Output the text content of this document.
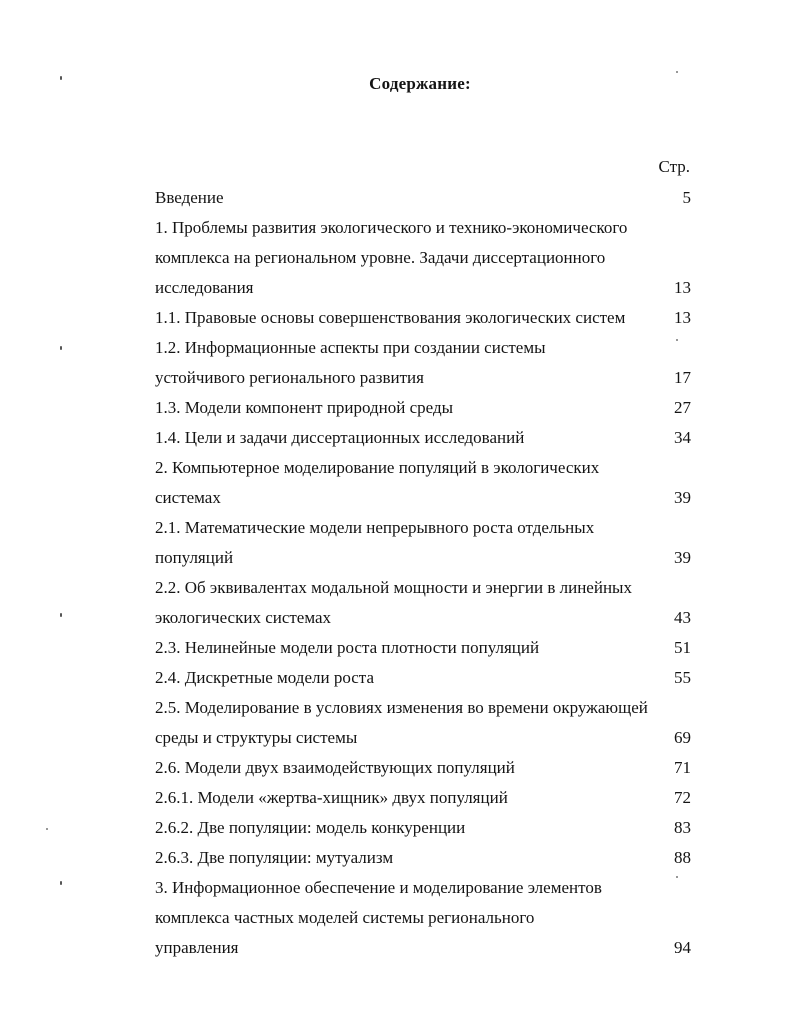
Содержание:
Стр.
Введение	5
1. Проблемы развития экологического и технико-экономического
комплекса на региональном уровне. Задачи диссертационного
исследования	13
1.1. Правовые основы совершенствования экологических систем	13
1.2. Информационные аспекты при создании системы
устойчивого регионального развития	17
1.3. Модели компонент природной среды	27
1.4. Цели и задачи диссертационных исследований	34
2. Компьютерное моделирование популяций в экологических
системах	39
2.1. Математические модели непрерывного роста отдельных
популяций	39
2.2. Об эквивалентах модальной мощности и энергии в линейных
экологических системах	43
2.3. Нелинейные модели роста плотности популяций	51
2.4. Дискретные модели роста	55
2.5. Моделирование в условиях изменения во времени окружающей
среды и структуры системы	69
2.6. Модели двух взаимодействующих популяций	71
2.6.1. Модели «жертва-хищник» двух популяций	72
2.6.2. Две популяции: модель конкуренции	83
2.6.3. Две популяции: мутуализм	88
3. Информационное обеспечение и моделирование элементов
комплекса частных моделей системы регионального
управления	94
